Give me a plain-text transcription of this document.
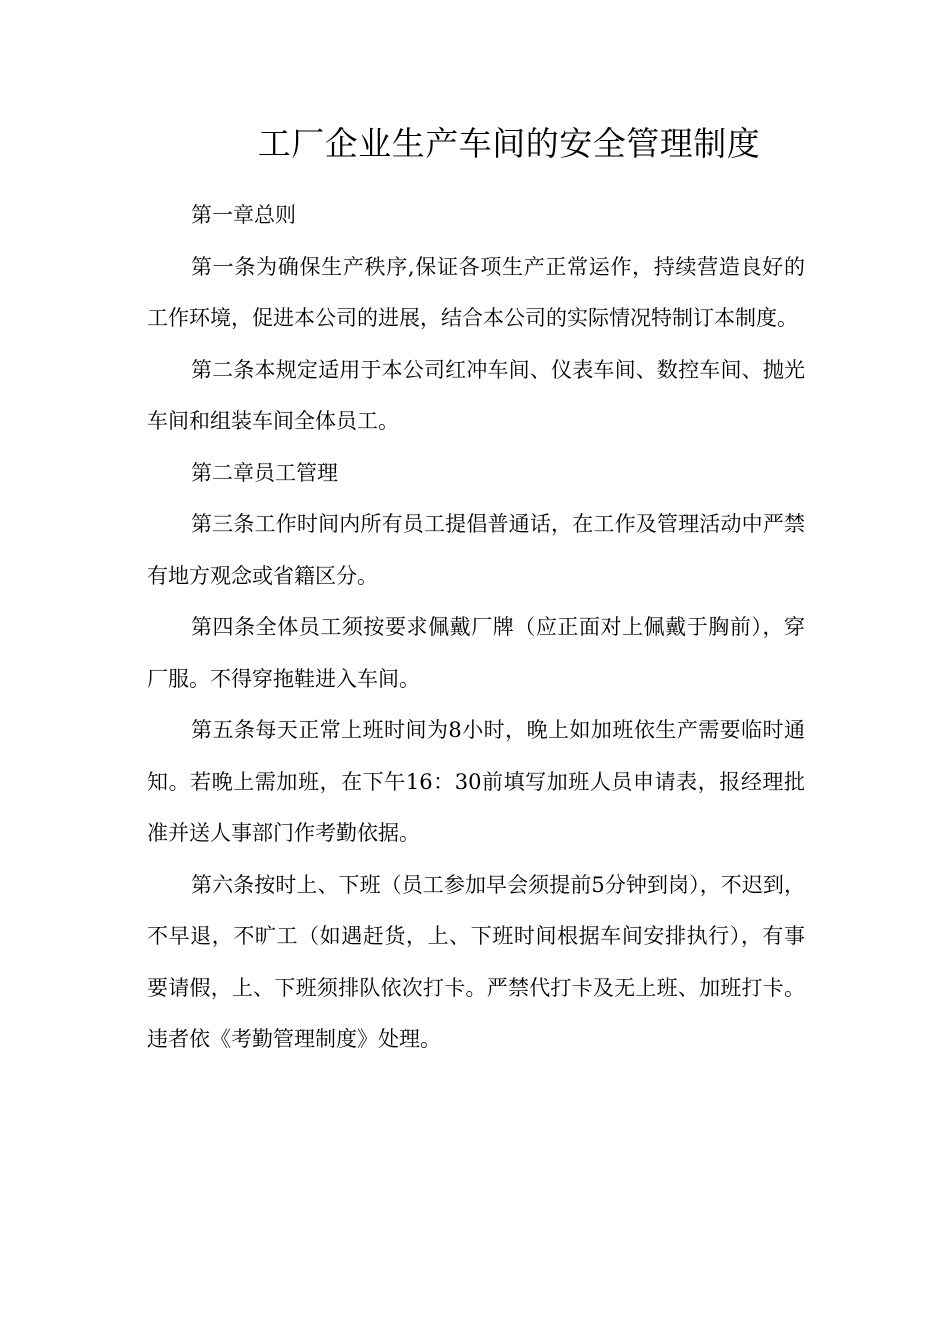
工厂企业生产车间的安全管理制度

第一章总则

第一条为确保生产秩序,保证各项生产正常运作，持续营造良好的工作环境，促进本公司的进展，结合本公司的实际情况特制订本制度。

第二条本规定适用于本公司红冲车间、仪表车间、数控车间、抛光车间和组装车间全体员工。

第二章员工管理

第三条工作时间内所有员工提倡普通话，在工作及管理活动中严禁有地方观念或省籍区分。

第四条全体员工须按要求佩戴厂牌（应正面对上佩戴于胸前），穿厂服。不得穿拖鞋进入车间。

第五条每天正常上班时间为8小时，晚上如加班依生产需要临时通知。若晚上需加班，在下午16：30前填写加班人员申请表，报经理批准并送人事部门作考勤依据。

第六条按时上、下班（员工参加早会须提前5分钟到岗），不迟到，不早退，不旷工（如遇赶货，上、下班时间根据车间安排执行），有事要请假，上、下班须排队依次打卡。严禁代打卡及无上班、加班打卡。违者依《考勤管理制度》处理。
